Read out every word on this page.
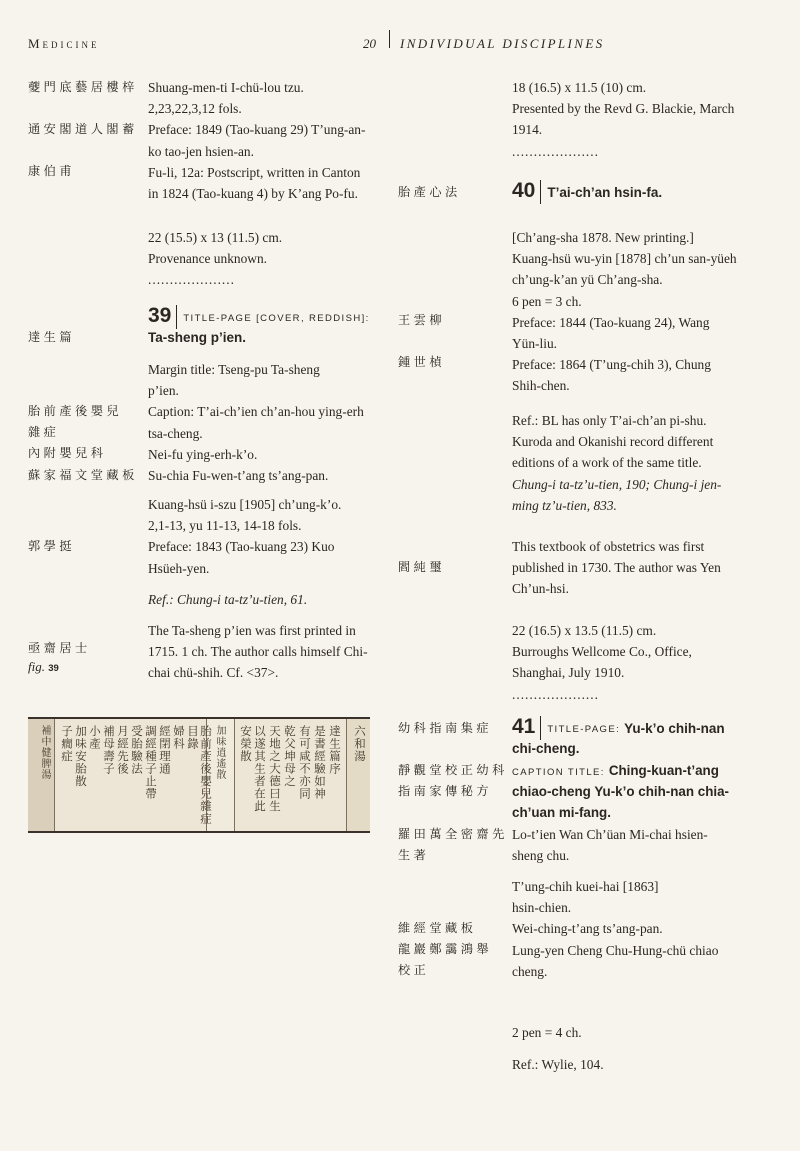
Medicine	20 INDIVIDUAL DISCIPLINES
䕫門底藝居樓梓
通安閣道人閣蓄
康伯甫

Shuang-men-ti I-chü-lou tzu.

2,23,22,3,12 fols.

Preface: 1849 (Tao-kuang 29) T’ung-an-

ko tao-jen hsien-an.

Fu-li, 12a: Postscript, written in Canton

in 1824 (Tao-kuang 4) by K’ang Po-fu.

22 (15.5) x 13 (11.5) cm.

Provenance unknown.

....................

39	TITLE-PAGE [COVER, REDDISH]:
Ta-sheng p’ien.
達生篇

Margin title: Tseng-pu Ta-sheng

p’ien.

Caption: T’ai-ch’ien ch’an-hou ying-erh

tsa-cheng.

Nei-fu ying-erh-k’o.

Su-chia Fu-wen-t’ang ts’ang-pan.

胎前產後嬰兒
雜症
內附嬰兒科
蘇家福文堂藏板

Kuang-hsü i-szu [1905] ch’ung-k’o.

2,1-13, yu 11-13, 14-18 fols.

Preface: 1843 (Tao-kuang 23) Kuo

Hsüeh-yen.

郭學挺
Ref.: Chung-i ta-tz’u-tien, 61.

The Ta-sheng p’ien was first printed in

1715. 1 ch. The author calls himself Chi-

chai chü-shih. Cf. <37>.

亟齋居士
fig. 39
胎前產後嬰兒雜症目錄
婦科
經閉理通
調經種子止帶
受胎驗法
月經先後
補母壽子
小產
加味安胎散
子癇症
補中健脾湯	加味逍遙散	達生篇序
是書經驗如神
有可咸不亦同
乾父坤母之
天地之大德曰生
以遂其生者在此
安榮散	六和湯

18 (16.5) x 11.5 (10) cm.

Presented by the Revd G. Blackie, March

1914.

....................

40 T’ai-ch’an hsin-fa.
胎產心法

[Ch’ang-sha 1878. New printing.]

Kuang-hsü wu-yin [1878] ch’un san-yüeh

ch’ung-k’an yü Ch’ang-sha.

6 pen = 3 ch.

Preface: 1844 (Tao-kuang 24), Wang

Yün-liu.

Preface: 1864 (T’ung-chih 3), Chung

Shih-chen.

王雲柳
鍾世楨

Ref.: BL has only T’ai-ch’an pi-shu.

Kuroda and Okanishi record different

editions of a work of the same title.

Chung-i ta-tz’u-tien, 190; Chung-i jen-

ming tz’u-tien, 833.

This textbook of obstetrics was first

published in 1730. The author was Yen

Ch’un-hsi.

閻純璽

22 (16.5) x 13.5 (11.5) cm.

Burroughs Wellcome Co., Office,

Shanghai, July 1910.

....................

41	TITLE-PAGE: Yu-k’o chih-nan
chi-cheng.
幼科指南集症

CAPTION TITLE: Ching-kuan-t’ang

chiao-cheng Yu-k’o chih-nan chia-

ch’uan mi-fang.

靜觀堂校正幼科
指南家傳秘方

Lo-t’ien Wan Ch’üan Mi-chai hsien-

sheng chu.

羅田萬全密齋先
生著

T’ung-chih kuei-hai [1863]

hsin-chien.

Wei-ching-t’ang ts’ang-pan.

Lung-yen Cheng Chu-Hung-chü chiao

cheng.

維經堂藏板
龍巖鄭靄鴻舉
校正
2 pen = 4 ch.
Ref.: Wylie, 104.
